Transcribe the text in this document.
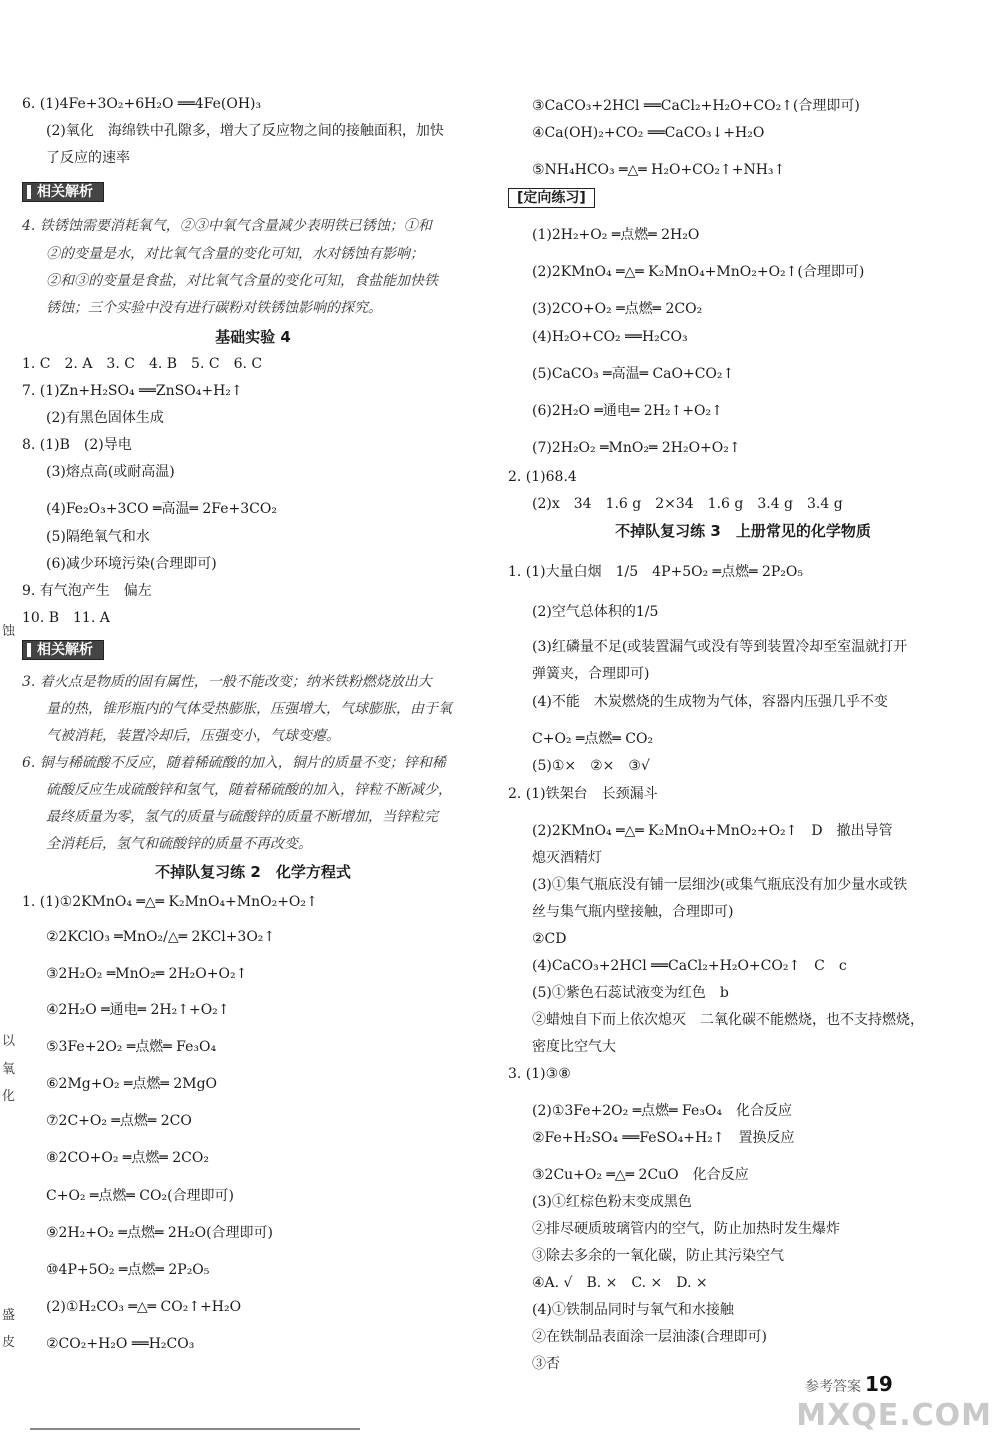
蚀
以
氧
化
盛
皮
6. (1)4Fe+3O₂+6H₂O ══4Fe(OH)₃
(2)氧化　海绵铁中孔隙多，增大了反应物之间的接触面积，加快
了反应的速率
相关解析
4. 铁锈蚀需要消耗氧气，②③中氧气含量减少表明铁已锈蚀；①和
②的变量是水，对比氧气含量的变化可知，水对锈蚀有影响；
②和③的变量是食盐，对比氧气含量的变化可知，食盐能加快铁
锈蚀；三个实验中没有进行碳粉对铁锈蚀影响的探究。
基础实验 4
1. C　2. A　3. C　4. B　5. C　6. C
7. (1)Zn+H₂SO₄ ══ZnSO₄+H₂↑
(2)有黑色固体生成
8. (1)B　(2)导电
(3)熔点高(或耐高温)
(4)Fe₂O₃+3CO ═高温═ 2Fe+3CO₂
(5)隔绝氧气和水
(6)减少环境污染(合理即可)
9. 有气泡产生　偏左
10. B　11. A
相关解析
3. 着火点是物质的固有属性，一般不能改变；纳米铁粉燃烧放出大
量的热，锥形瓶内的气体受热膨胀，压强增大，气球膨胀，由于氧
气被消耗，装置冷却后，压强变小，气球变瘪。
6. 铜与稀硫酸不反应，随着稀硫酸的加入，铜片的质量不变；锌和稀
硫酸反应生成硫酸锌和氢气，随着稀硫酸的加入，锌粒不断减少，
最终质量为零，氢气的质量与硫酸锌的质量不断增加，当锌粒完
全消耗后，氢气和硫酸锌的质量不再改变。
不掉队复习练 2　化学方程式
1. (1)①2KMnO₄ ═△═ K₂MnO₄+MnO₂+O₂↑
②2KClO₃ ═MnO₂/△═ 2KCl+3O₂↑
③2H₂O₂ ═MnO₂═ 2H₂O+O₂↑
④2H₂O ═通电═ 2H₂↑+O₂↑
⑤3Fe+2O₂ ═点燃═ Fe₃O₄
⑥2Mg+O₂ ═点燃═ 2MgO
⑦2C+O₂ ═点燃═ 2CO
⑧2CO+O₂ ═点燃═ 2CO₂
C+O₂ ═点燃═ CO₂(合理即可)
⑨2H₂+O₂ ═点燃═ 2H₂O(合理即可)
⑩4P+5O₂ ═点燃═ 2P₂O₅
(2)①H₂CO₃ ═△═ CO₂↑+H₂O
②CO₂+H₂O ══H₂CO₃
③CaCO₃+2HCl ══CaCl₂+H₂O+CO₂↑(合理即可)
④Ca(OH)₂+CO₂ ══CaCO₃↓+H₂O
⑤NH₄HCO₃ ═△═ H₂O+CO₂↑+NH₃↑
[定向练习]
(1)2H₂+O₂ ═点燃═ 2H₂O
(2)2KMnO₄ ═△═ K₂MnO₄+MnO₂+O₂↑(合理即可)
(3)2CO+O₂ ═点燃═ 2CO₂
(4)H₂O+CO₂ ══H₂CO₃
(5)CaCO₃ ═高温═ CaO+CO₂↑
(6)2H₂O ═通电═ 2H₂↑+O₂↑
(7)2H₂O₂ ═MnO₂═ 2H₂O+O₂↑
2. (1)68.4
(2)x　34　1.6 g　2×34　1.6 g　3.4 g　3.4 g
不掉队复习练 3　上册常见的化学物质
1. (1)大量白烟　1/5　4P+5O₂ ═点燃═ 2P₂O₅
(2)空气总体积的1/5
(3)红磷量不足(或装置漏气或没有等到装置冷却至室温就打开
弹簧夹，合理即可)
(4)不能　木炭燃烧的生成物为气体，容器内压强几乎不变
C+O₂ ═点燃═ CO₂
(5)①×　②×　③√
2. (1)铁架台　长颈漏斗
(2)2KMnO₄ ═△═ K₂MnO₄+MnO₂+O₂↑　D　撤出导管
熄灭酒精灯
(3)①集气瓶底没有铺一层细沙(或集气瓶底没有加少量水或铁
丝与集气瓶内壁接触，合理即可)
②CD
(4)CaCO₃+2HCl ══CaCl₂+H₂O+CO₂↑　C　c
(5)①紫色石蕊试液变为红色　b
②蜡烛自下而上依次熄灭　二氧化碳不能燃烧，也不支持燃烧，
密度比空气大
3. (1)③⑧
(2)①3Fe+2O₂ ═点燃═ Fe₃O₄　化合反应
②Fe+H₂SO₄ ══FeSO₄+H₂↑　置换反应
③2Cu+O₂ ═△═ 2CuO　化合反应
(3)①红棕色粉末变成黑色
②排尽硬质玻璃管内的空气，防止加热时发生爆炸
③除去多余的一氧化碳，防止其污染空气
④A. √　B. ×　C. ×　D. ×
(4)①铁制品同时与氧气和水接触
②在铁制品表面涂一层油漆(合理即可)
③否
参考答案 19
MXQE.COM
